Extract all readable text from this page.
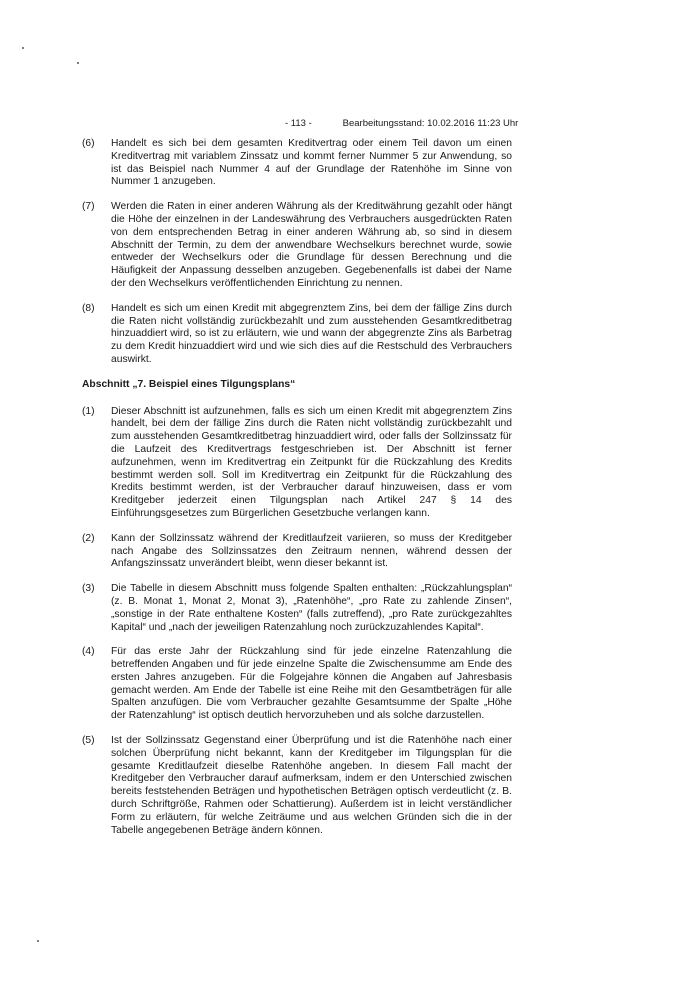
- 113 -	Bearbeitungsstand: 10.02.2016 11:23 Uhr
(6)	Handelt es sich bei dem gesamten Kreditvertrag oder einem Teil davon um einen Kreditvertrag mit variablem Zinssatz und kommt ferner Nummer 5 zur Anwendung, so ist das Beispiel nach Nummer 4 auf der Grundlage der Ratenhöhe im Sinne von Nummer 1 anzugeben.
(7)	Werden die Raten in einer anderen Währung als der Kreditwährung gezahlt oder hängt die Höhe der einzelnen in der Landeswährung des Verbrauchers ausgedrückten Raten von dem entsprechenden Betrag in einer anderen Währung ab, so sind in diesem Abschnitt der Termin, zu dem der anwendbare Wechselkurs berechnet wurde, sowie entweder der Wechselkurs oder die Grundlage für dessen Berechnung und die Häufigkeit der Anpassung desselben anzugeben. Gegebenenfalls ist dabei der Name der den Wechselkurs veröffentlichenden Einrichtung zu nennen.
(8)	Handelt es sich um einen Kredit mit abgegrenztem Zins, bei dem der fällige Zins durch die Raten nicht vollständig zurückbezahlt und zum ausstehenden Gesamtkreditbetrag hinzuaddiert wird, so ist zu erläutern, wie und wann der abgegrenzte Zins als Barbetrag zu dem Kredit hinzuaddiert wird und wie sich dies auf die Restschuld des Verbrauchers auswirkt.
Abschnitt „7. Beispiel eines Tilgungsplans“
(1)	Dieser Abschnitt ist aufzunehmen, falls es sich um einen Kredit mit abgegrenztem Zins handelt, bei dem der fällige Zins durch die Raten nicht vollständig zurückbezahlt und zum ausstehenden Gesamtkreditbetrag hinzuaddiert wird, oder falls der Sollzinssatz für die Laufzeit des Kreditvertrags festgeschrieben ist. Der Abschnitt ist ferner aufzunehmen, wenn im Kreditvertrag ein Zeitpunkt für die Rückzahlung des Kredits bestimmt werden soll. Soll im Kreditvertrag ein Zeitpunkt für die Rückzahlung des Kredits bestimmt werden, ist der Verbraucher darauf hinzuweisen, dass er vom Kreditgeber jederzeit einen Tilgungsplan nach Artikel 247 § 14 des Einführungsgesetzes zum Bürgerlichen Gesetzbuche verlangen kann.
(2)	Kann der Sollzinssatz während der Kreditlaufzeit variieren, so muss der Kreditgeber nach Angabe des Sollzinssatzes den Zeitraum nennen, während dessen der Anfangszinssatz unverändert bleibt, wenn dieser bekannt ist.
(3)	Die Tabelle in diesem Abschnitt muss folgende Spalten enthalten: „Rückzahlungsplan“ (z. B. Monat 1, Monat 2, Monat 3), „Ratenhöhe“, „pro Rate zu zahlende Zinsen“, „sonstige in der Rate enthaltene Kosten“ (falls zutreffend), „pro Rate zurückgezahltes Kapital“ und „nach der jeweiligen Ratenzahlung noch zurückzuzahlendes Kapital“.
(4)	Für das erste Jahr der Rückzahlung sind für jede einzelne Ratenzahlung die betreffenden Angaben und für jede einzelne Spalte die Zwischensumme am Ende des ersten Jahres anzugeben. Für die Folgejahre können die Angaben auf Jahresbasis gemacht werden. Am Ende der Tabelle ist eine Reihe mit den Gesamtbeträgen für alle Spalten anzufügen. Die vom Verbraucher gezahlte Gesamtsumme der Spalte „Höhe der Ratenzahlung“ ist optisch deutlich hervorzuheben und als solche darzustellen.
(5)	Ist der Sollzinssatz Gegenstand einer Überprüfung und ist die Ratenhöhe nach einer solchen Überprüfung nicht bekannt, kann der Kreditgeber im Tilgungsplan für die gesamte Kreditlaufzeit dieselbe Ratenhöhe angeben. In diesem Fall macht der Kreditgeber den Verbraucher darauf aufmerksam, indem er den Unterschied zwischen bereits feststehenden Beträgen und hypothetischen Beträgen optisch verdeutlicht (z. B. durch Schriftgröße, Rahmen oder Schattierung). Außerdem ist in leicht verständlicher Form zu erläutern, für welche Zeiträume und aus welchen Gründen sich die in der Tabelle angegebenen Beträge ändern können.
